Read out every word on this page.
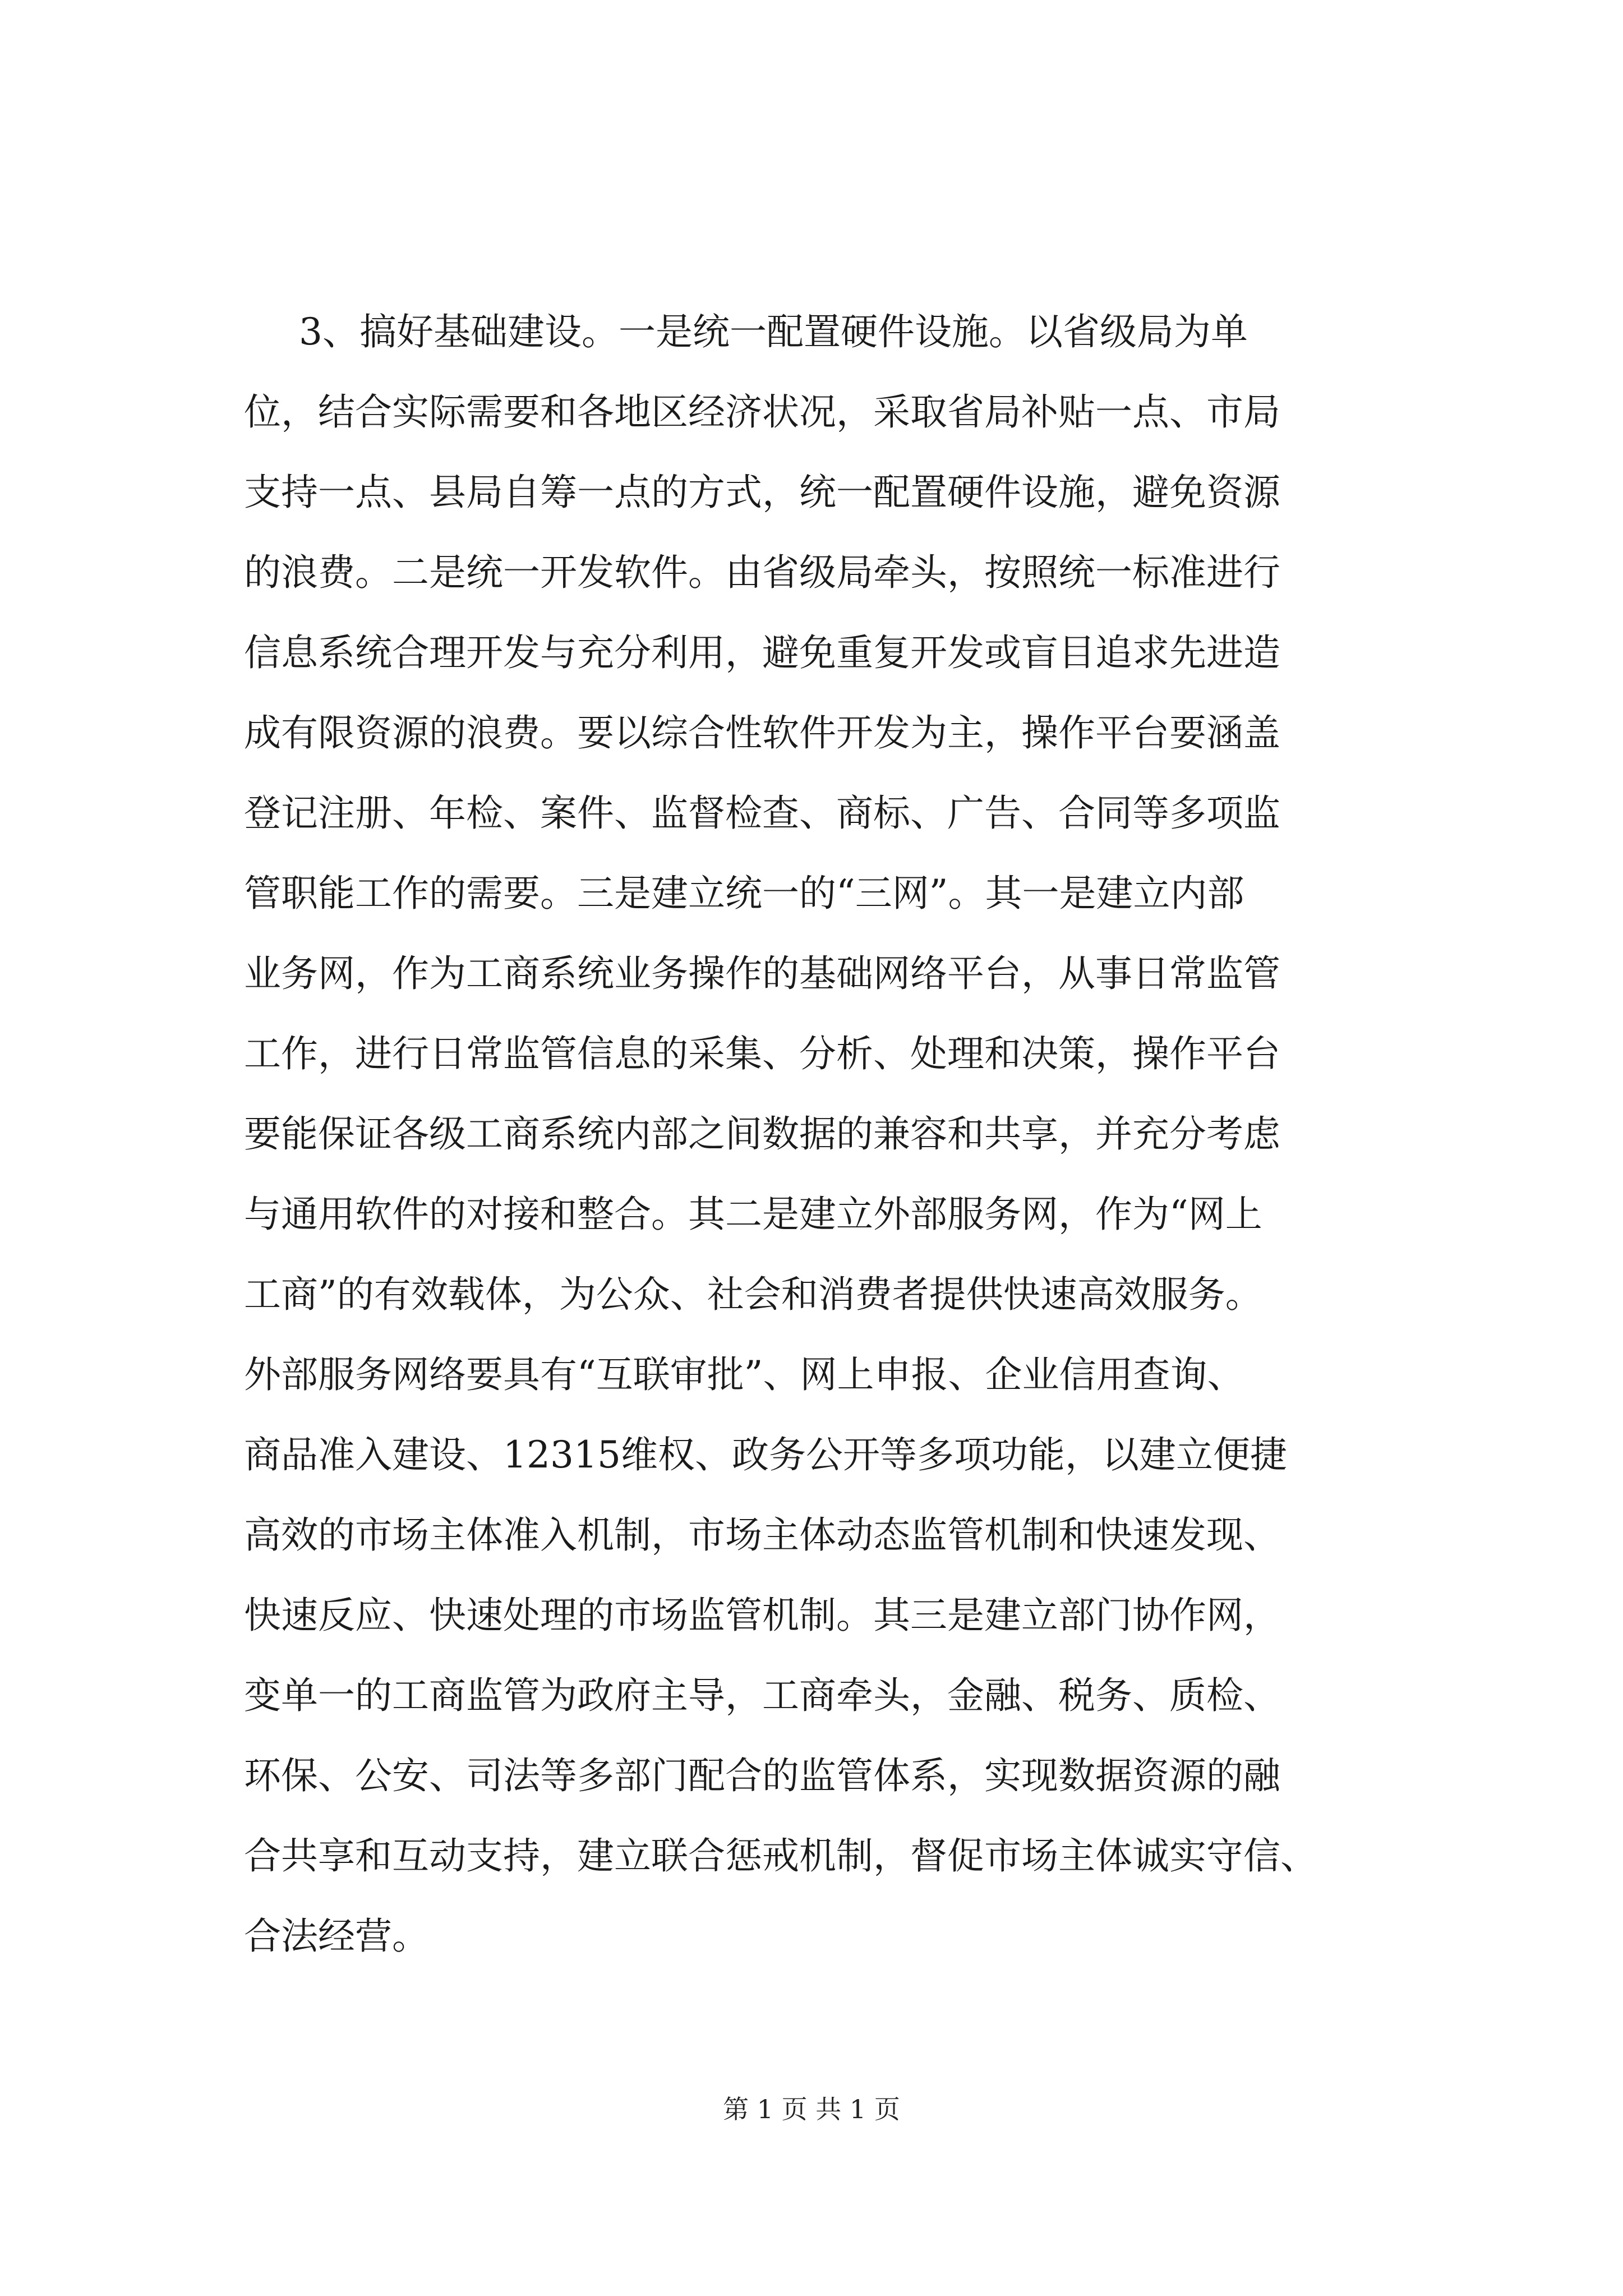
3、搞好基础建设。一是统一配置硬件设施。以省级局为单
位，结合实际需要和各地区经济状况，采取省局补贴一点、市局
支持一点、县局自筹一点的方式，统一配置硬件设施，避免资源
的浪费。二是统一开发软件。由省级局牵头，按照统一标准进行
信息系统合理开发与充分利用，避免重复开发或盲目追求先进造
成有限资源的浪费。要以综合性软件开发为主，操作平台要涵盖
登记注册、年检、案件、监督检查、商标、广告、合同等多项监
管职能工作的需要。三是建立统一的“三网”。其一是建立内部
业务网，作为工商系统业务操作的基础网络平台，从事日常监管
工作，进行日常监管信息的采集、分析、处理和决策，操作平台
要能保证各级工商系统内部之间数据的兼容和共享，并充分考虑
与通用软件的对接和整合。其二是建立外部服务网，作为“网上
工商”的有效载体，为公众、社会和消费者提供快速高效服务。
外部服务网络要具有“互联审批”、网上申报、企业信用查询、
商品准入建设、12315维权、政务公开等多项功能，以建立便捷
高效的市场主体准入机制，市场主体动态监管机制和快速发现、
快速反应、快速处理的市场监管机制。其三是建立部门协作网，
变单一的工商监管为政府主导，工商牵头，金融、税务、质检、
环保、公安、司法等多部门配合的监管体系，实现数据资源的融
合共享和互动支持，建立联合惩戒机制，督促市场主体诚实守信、
合法经营。
第 1 页 共 1 页
